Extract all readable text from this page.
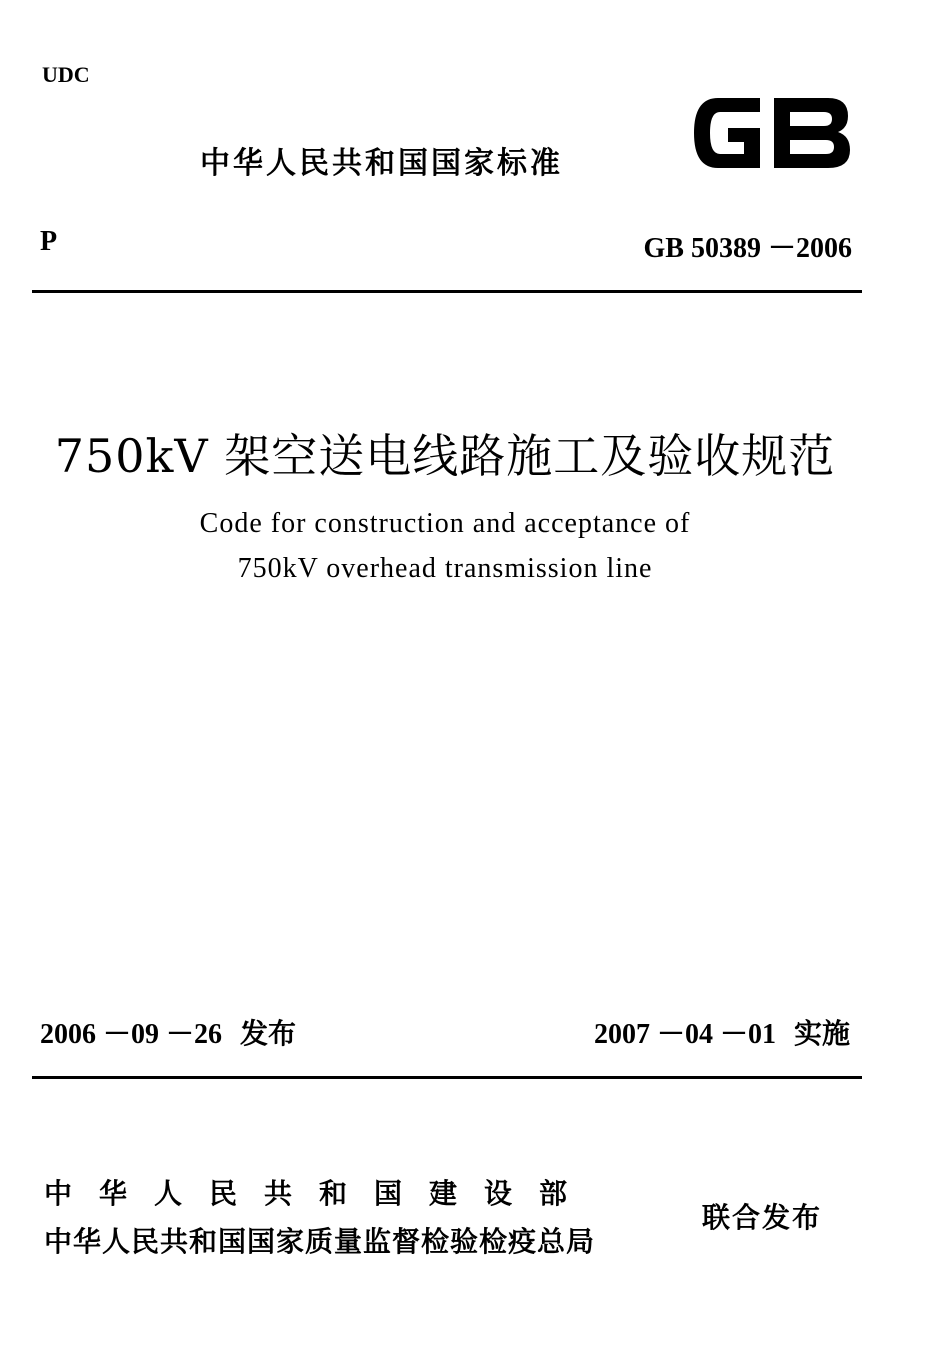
UDC
中华人民共和国国家标准
P	GB 50389 －2006
750kV 架空送电线路施工及验收规范
Code for construction and acceptance of
750kV overhead transmission line
2006 －09 －26 发布	2007 －04 －01 实施
中华人民共和国建设部
中华人民共和国国家质量监督检验检疫总局
联合发布
